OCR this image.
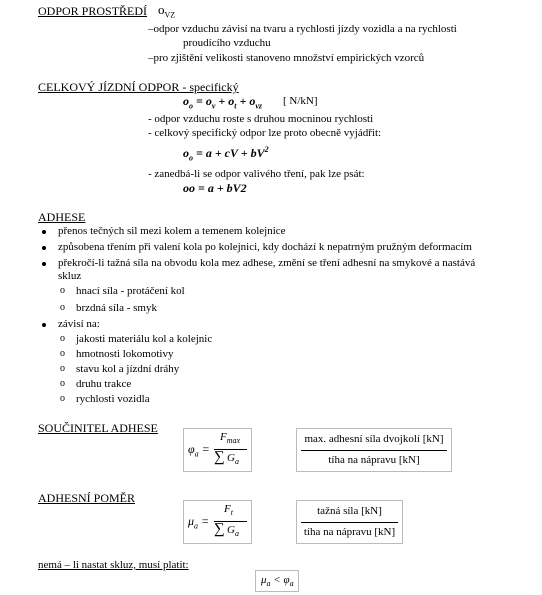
ODPOR PROSTŘEDÍ $o_{VZ}$
–odpor vzduchu závisí na tvaru a rychlosti jízdy vozidla a na rychlosti
proudícího vzduchu
–pro zjištění velikosti stanoveno množství empirických vzorců
CELKOVÝ JÍZDNÍ ODPOR - specifický
$o_o = o_v + o_t + o_{vz}$ [ N/kN]
- odpor vzduchu roste s druhou mocninou rychlosti
- celkový specifický odpor lze proto obecně vyjádřit:
$o_o = a$ + cV + $bV^2$
- zanedbá-li se odpor valivého tření, pak lze psát:
oo = a + bV2
ADHESE
přenos tečných sil mezi kolem a temenem kolejnice
způsobena třením při valení kola po kolejnici, kdy dochází k nepatrným pružným deformacím
překročí-li tažná síla na obvodu kola mez adhese, změní se tření adhesní na smykové a nastává
skluz
o hnací síla - protáčení kol
o brzdná síla - smyk
závisí na:
o jakosti materiálu kol a kolejnic
o hmotnosti lokomotivy
o stavu kol a jízdní dráhy
o druhu trakce
o rychlosti vozidla
SOUČINITEL ADHESE
$\varphi_a$ =
$F_{max}$
∑ $G_a$
max. adhesní síla dvojkolí [kN]
tíha na nápravu [kN]
ADHESNÍ POMĚR
$\mu_a$ =
$F_t$
∑ $G_a$
tažná síla [kN]
tíha na nápravu [kN]
nemá – li nastat skluz, musí platit:
$\mu_a < \varphi_a$
